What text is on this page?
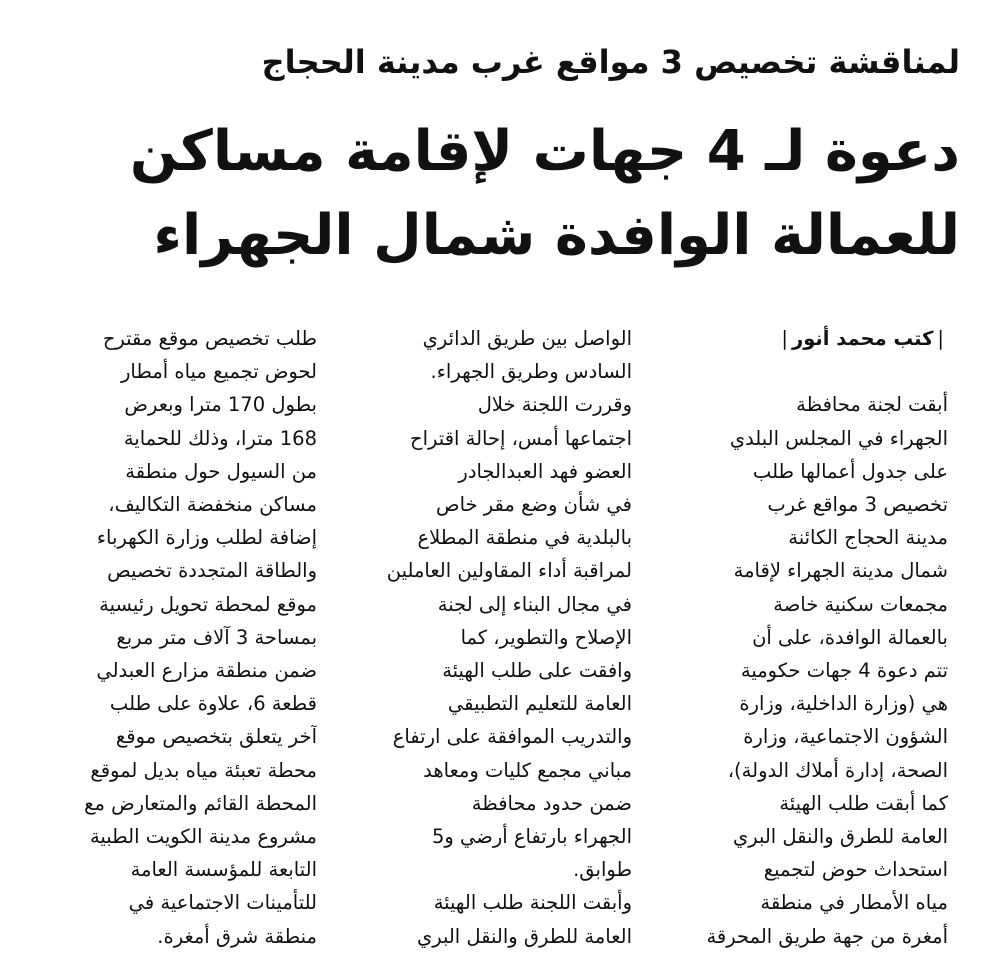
لمناقشة تخصيص 3 مواقع غرب مدينة الحجاج
دعوة لـ 4 جهات لإقامة مساكن
للعمالة الوافدة شمال الجهراء
|كتب محمد أنور|
أبقت لجنة محافظة
الجهراء في المجلس البلدي
على جدول أعمالها طلب
تخصيص 3 مواقع غرب
مدينة الحجاج الكائنة
شمال مدينة الجهراء لإقامة
مجمعات سكنية خاصة
بالعمالة الوافدة، على أن
تتم دعوة 4 جهات حكومية
هي (وزارة الداخلية، وزارة
الشؤون الاجتماعية، وزارة
الصحة، إدارة أملاك الدولة)،
كما أبقت طلب الهيئة
العامة للطرق والنقل البري
استحداث حوض لتجميع
مياه الأمطار في منطقة
أمغرة من جهة طريق المحرقة
الواصل بين طريق الدائري
السادس وطريق الجهراء.
وقررت اللجنة خلال
اجتماعها أمس، إحالة اقتراح
العضو فهد العبدالجادر
في شأن وضع مقر خاص
بالبلدية في منطقة المطلاع
لمراقبة أداء المقاولين العاملين
في مجال البناء إلى لجنة
الإصلاح والتطوير، كما
وافقت على طلب الهيئة
العامة للتعليم التطبيقي
والتدريب الموافقة على ارتفاع
مباني مجمع كليات ومعاهد
ضمن حدود محافظة
الجهراء بارتفاع أرضي و5
طوابق.
وأبقت اللجنة طلب الهيئة
العامة للطرق والنقل البري
طلب تخصيص موقع مقترح
لحوض تجميع مياه أمطار
بطول 170 مترا وبعرض
168 مترا، وذلك للحماية
من السيول حول منطقة
مساكن منخفضة التكاليف،
إضافة لطلب وزارة الكهرباء
والطاقة المتجددة تخصيص
موقع لمحطة تحويل رئيسية
بمساحة 3 آلاف متر مربع
ضمن منطقة مزارع العبدلي
قطعة 6، علاوة على طلب
آخر يتعلق بتخصيص موقع
محطة تعبئة مياه بديل لموقع
المحطة القائم والمتعارض مع
مشروع مدينة الكويت الطبية
التابعة للمؤسسة العامة
للتأمينات الاجتماعية في
منطقة شرق أمغرة.
